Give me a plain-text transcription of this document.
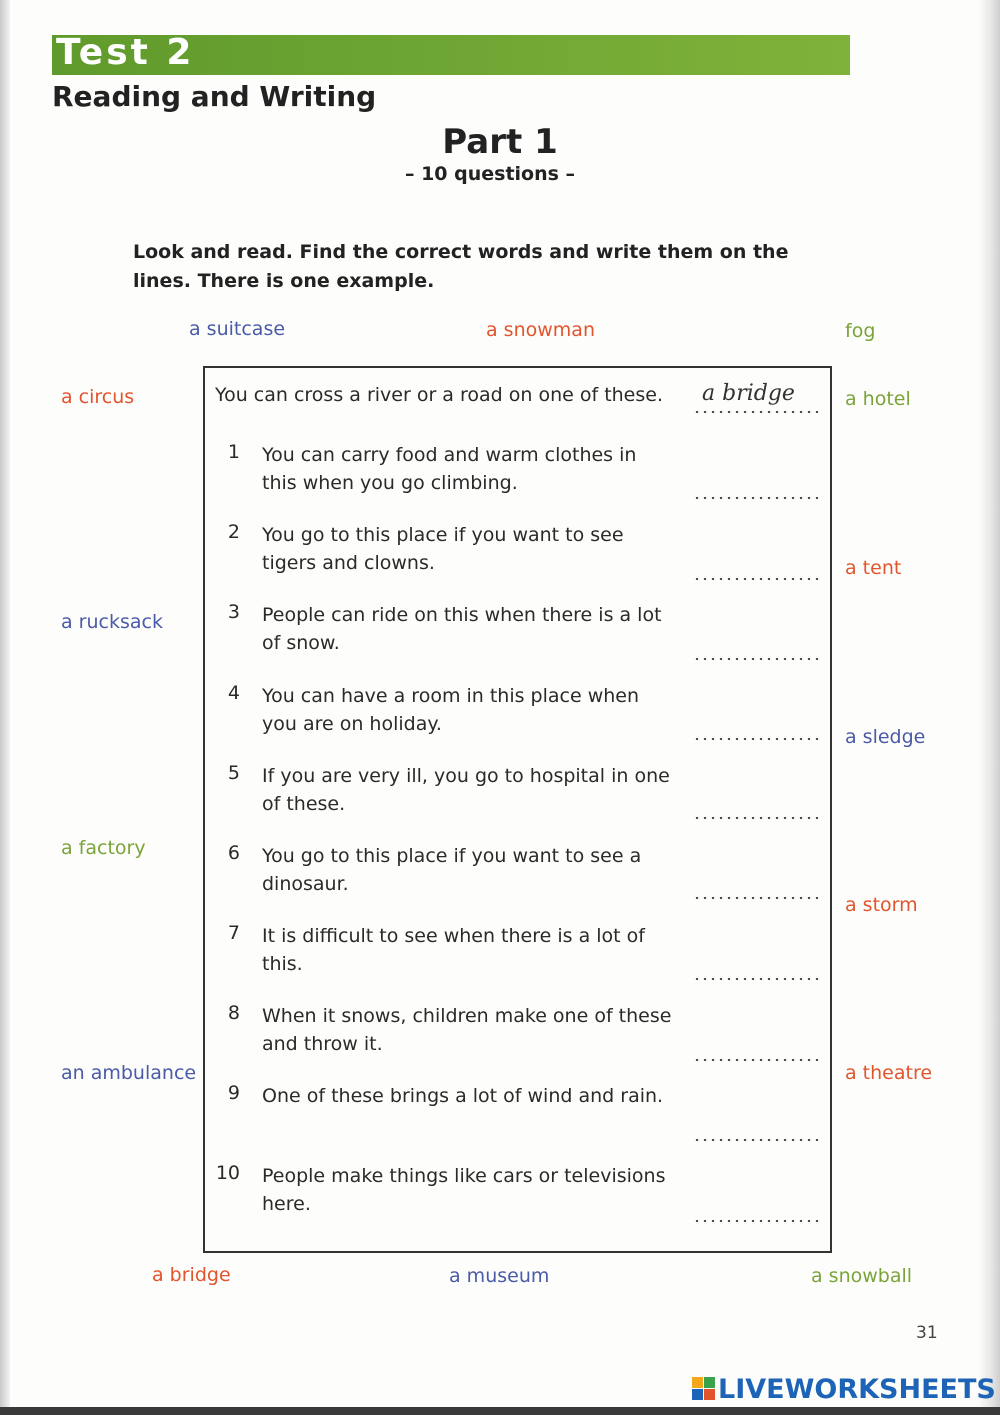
Test 2
Reading and Writing
Part 1
– 10 questions –
Look and read. Find the correct words and write them on the lines. There is one example.
a suitcase	a snowman	fog
a circus	a hotel
a tent
a rucksack
a sledge
a factory
a storm
an ambulance	a theatre
a bridge	a museum	a snowball
You can cross a river or a road on one of these. a bridge
1 You can carry food and warm clothes in this when you go climbing.
2 You go to this place if you want to see tigers and clowns.
3 People can ride on this when there is a lot of snow.
4 You can have a room in this place when you are on holiday.
5 If you are very ill, you go to hospital in one of these.
6 You go to this place if you want to see a dinosaur.
7 It is difficult to see when there is a lot of this.
8 When it snows, children make one of these and throw it.
9 One of these brings a lot of wind and rain.
10 People make things like cars or televisions here.
31
LIVEWORKSHEETS
